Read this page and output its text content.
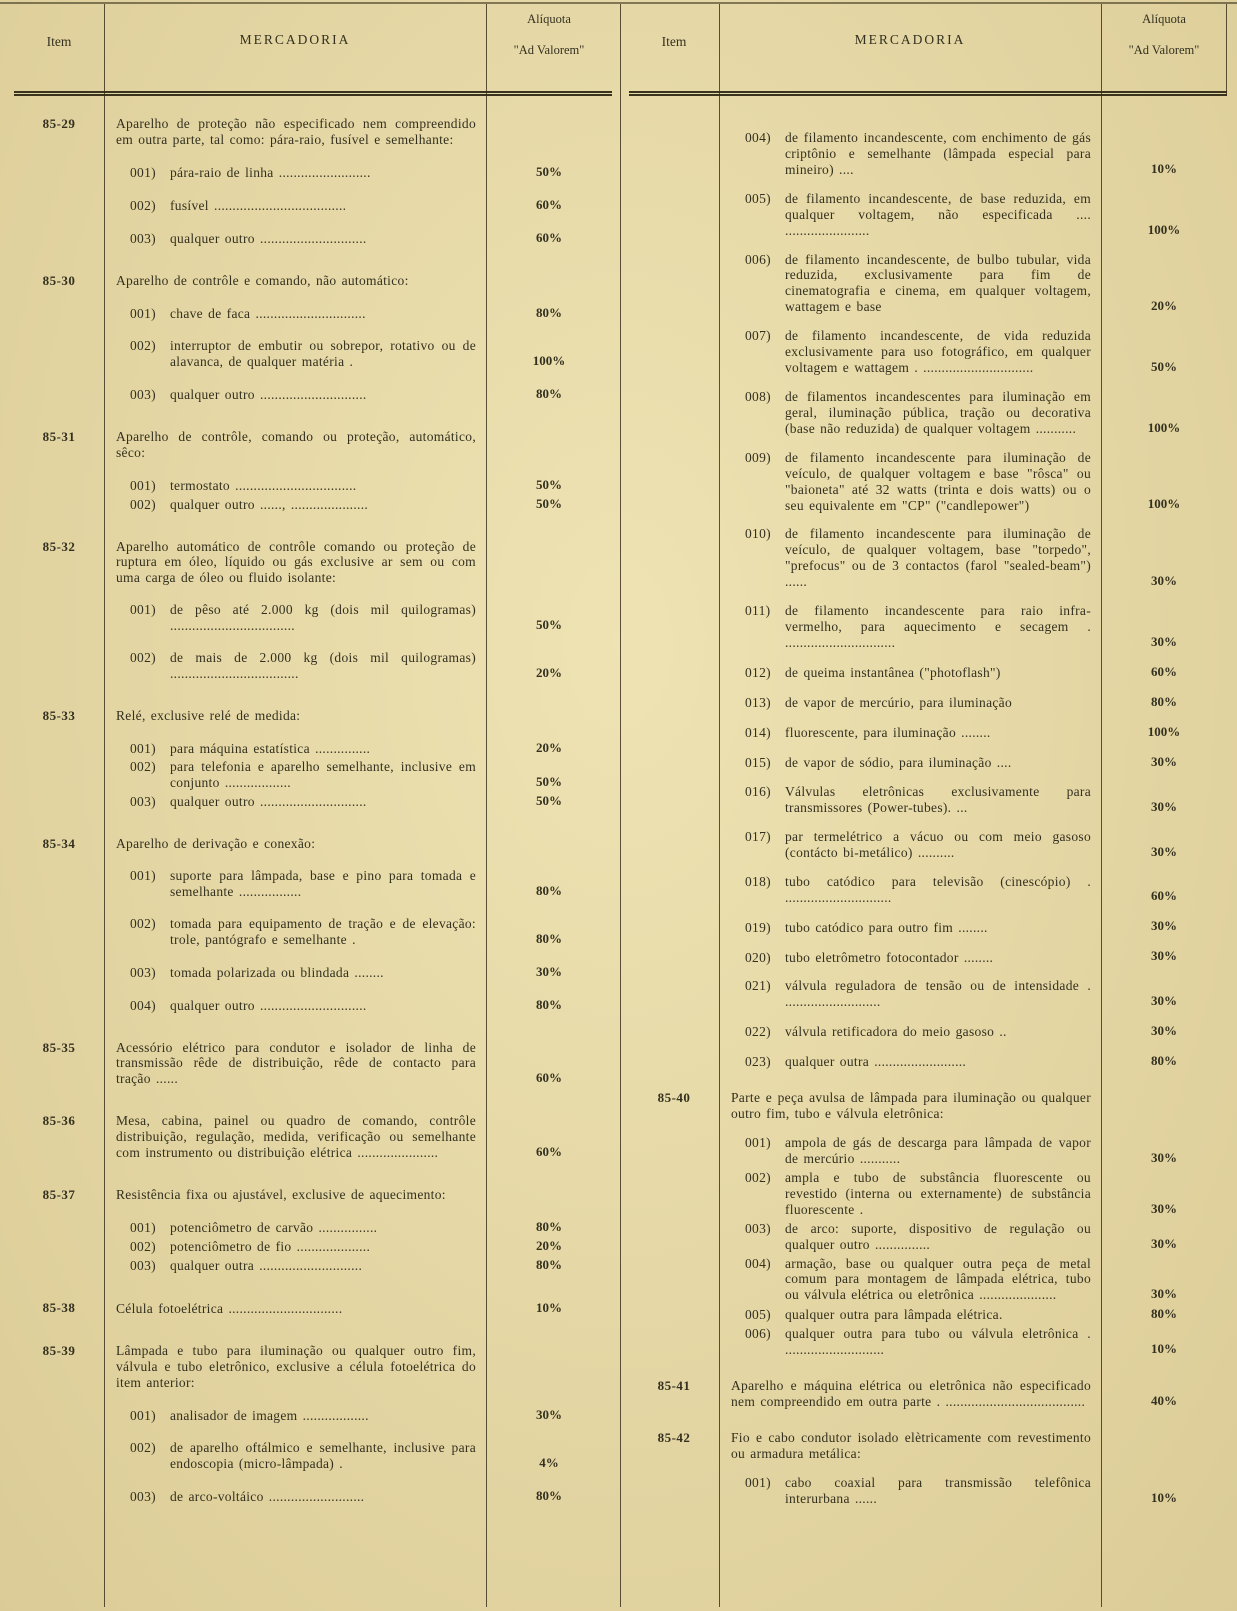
Item	MERCADORIA
Alíquota
"Ad Valorem"
85-29	Aparelho de proteção não especificado nem compreendido em outra parte, tal como: pára-raio, fusível e semelhante:
001)	pára-raio de linha .........................	50%
002)	fusível ....................................	60%
003)	qualquer outro .............................	60%
85-30	Aparelho de contrôle e comando, não automático:
001)	chave de faca ..............................	80%
002)	interruptor de embutir ou sobrepor, rotativo ou de alavanca, de qualquer matéria .	100%
003)	qualquer outro .............................	80%
85-31	Aparelho de contrôle, comando ou proteção, automático, sêco:
001)	termostato .................................	50%
002)	qualquer outro ......, .....................	50%
85-32	Aparelho automático de contrôle comando ou proteção de ruptura em óleo, líquido ou gás exclusive ar sem ou com uma carga de óleo ou fluido isolante:
001)	de pêso até 2.000 kg (dois mil quilogramas) ..................................	50%
002)	de mais de 2.000 kg (dois mil quilogramas) ...................................	20%
85-33	Relé, exclusive relé de medida:
001)	para máquina estatística ...............	20%
002)	para telefonia e aparelho semelhante, inclusive em conjunto ..................	50%
003)	qualquer outro .............................	50%
85-34	Aparelho de derivação e conexão:
001)	suporte para lâmpada, base e pino para tomada e semelhante .................	80%
002)	tomada para equipamento de tração e de elevação: trole, pantógrafo e semelhante .	80%
003)	tomada polarizada ou blindada ........	30%
004)	qualquer outro .............................	80%
85-35	Acessório elétrico para condutor e isolador de linha de transmissão rêde de distribuição, rêde de contacto para tração ......	60%
85-36	Mesa, cabina, painel ou quadro de comando, contrôle distribuição, regulação, medida, verificação ou semelhante com instrumento ou distribuição elétrica ......................	60%
85-37	Resistência fixa ou ajustável, exclusive de aquecimento:
001)	potenciômetro de carvão ................	80%
002)	potenciômetro de fio ....................	20%
003)	qualquer outra ............................	80%
85-38	Célula fotoelétrica ...............................	10%
85-39	Lâmpada e tubo para iluminação ou qualquer outro fim, válvula e tubo eletrônico, exclusive a célula fotoelétrica do item anterior:
001)	analisador de imagem ..................	30%
002)	de aparelho oftálmico e semelhante, inclusive para endoscopia (micro-lâmpada) .	4%
003)	de arco-voltáico ..........................	80%
Item	MERCADORIA
Alíquota
"Ad Valorem"
004)	de filamento incandescente, com enchimento de gás criptônio e semelhante (lâmpada especial para mineiro) ....	10%
005)	de filamento incandescente, de base reduzida, em qualquer voltagem, não especificada .... .......................	100%
006)	de filamento incandescente, de bulbo tubular, vida reduzida, exclusivamente para fim de cinematografia e cinema, em qualquer voltagem, wattagem e base	20%
007)	de filamento incandescente, de vida reduzida exclusivamente para uso fotográfico, em qualquer voltagem e wattagem . ..............................	50%
008)	de filamentos incandescentes para iluminação em geral, iluminação pública, tração ou decorativa (base não reduzida) de qualquer voltagem ...........	100%
009)	de filamento incandescente para iluminação de veículo, de qualquer voltagem e base "rôsca" ou "baioneta" até 32 watts (trinta e dois watts) ou o seu equivalente em "CP" ("candlepower")	100%
010)	de filamento incandescente para iluminação de veículo, de qualquer voltagem, base "torpedo", "prefocus" ou de 3 contactos (farol "sealed-beam") ......	30%
011)	de filamento incandescente para raio infra-vermelho, para aquecimento e secagem . ..............................	30%
012)	de queima instantânea ("photoflash")	60%
013)	de vapor de mercúrio, para iluminação	80%
014)	fluorescente, para iluminação ........	100%
015)	de vapor de sódio, para iluminação ....	30%
016)	Válvulas eletrônicas exclusivamente para transmissores (Power-tubes). ...	30%
017)	par termelétrico a vácuo ou com meio gasoso (contácto bi-metálico) ..........	30%
018)	tubo catódico para televisão (cinescópio) . .............................	60%
019)	tubo catódico para outro fim ........	30%
020)	tubo eletrômetro fotocontador ........	30%
021)	válvula reguladora de tensão ou de intensidade . ..........................	30%
022)	válvula retificadora do meio gasoso ..	30%
023)	qualquer outra .........................	80%
85-40	Parte e peça avulsa de lâmpada para iluminação ou qualquer outro fim, tubo e válvula eletrônica:
001)	ampola de gás de descarga para lâmpada de vapor de mercúrio ...........	30%
002)	ampla e tubo de substância fluorescente ou revestido (interna ou externamente) de substância fluorescente .	30%
003)	de arco: suporte, dispositivo de regulação ou qualquer outro ...............	30%
004)	armação, base ou qualquer outra peça de metal comum para montagem de lâmpada elétrica, tubo ou válvula elétrica ou eletrônica .....................	30%
005)	qualquer outra para lâmpada elétrica.	80%
006)	qualquer outra para tubo ou válvula eletrônica . ...........................	10%
85-41	Aparelho e máquina elétrica ou eletrônica não especificado nem compreendido em outra parte . ......................................	40%
85-42	Fio e cabo condutor isolado elètricamente com revestimento ou armadura metálica:
001)	cabo coaxial para transmissão telefônica interurbana ......	10%
